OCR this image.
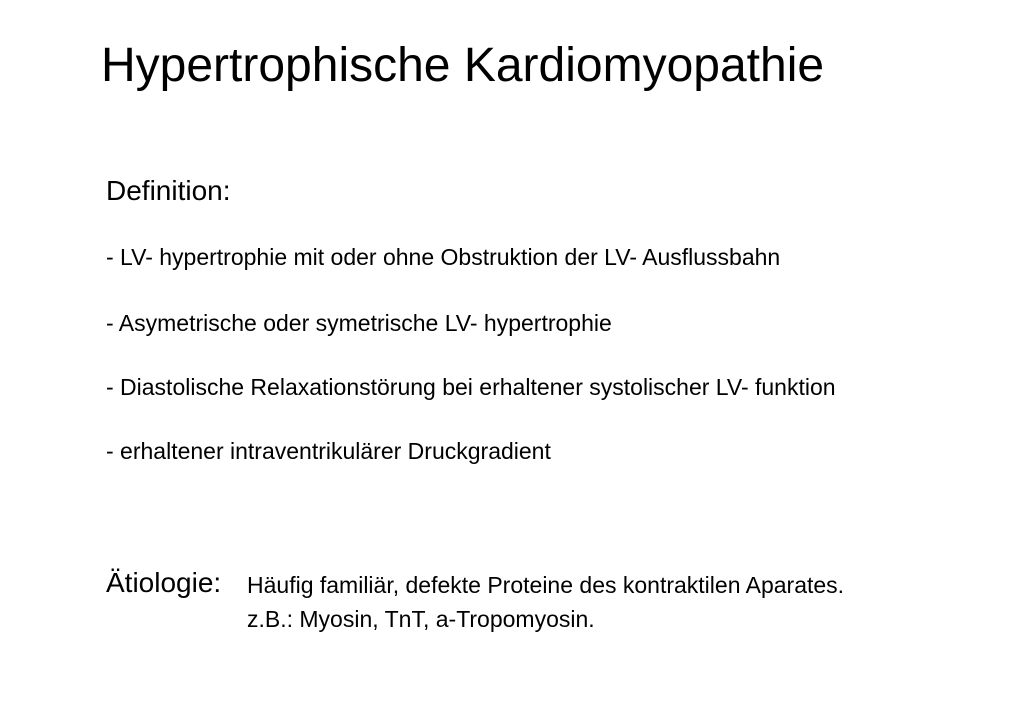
Hypertrophische Kardiomyopathie
Definition:
- LV- hypertrophie mit oder ohne Obstruktion der LV- Ausflussbahn
- Asymetrische oder symetrische LV- hypertrophie
- Diastolische Relaxationstörung bei erhaltener systolischer LV- funktion
- erhaltener intraventrikulärer Druckgradient
Ätiologie: Häufig familiär, defekte Proteine des kontraktilen Aparates.
z.B.: Myosin, TnT, a-Tropomyosin.
